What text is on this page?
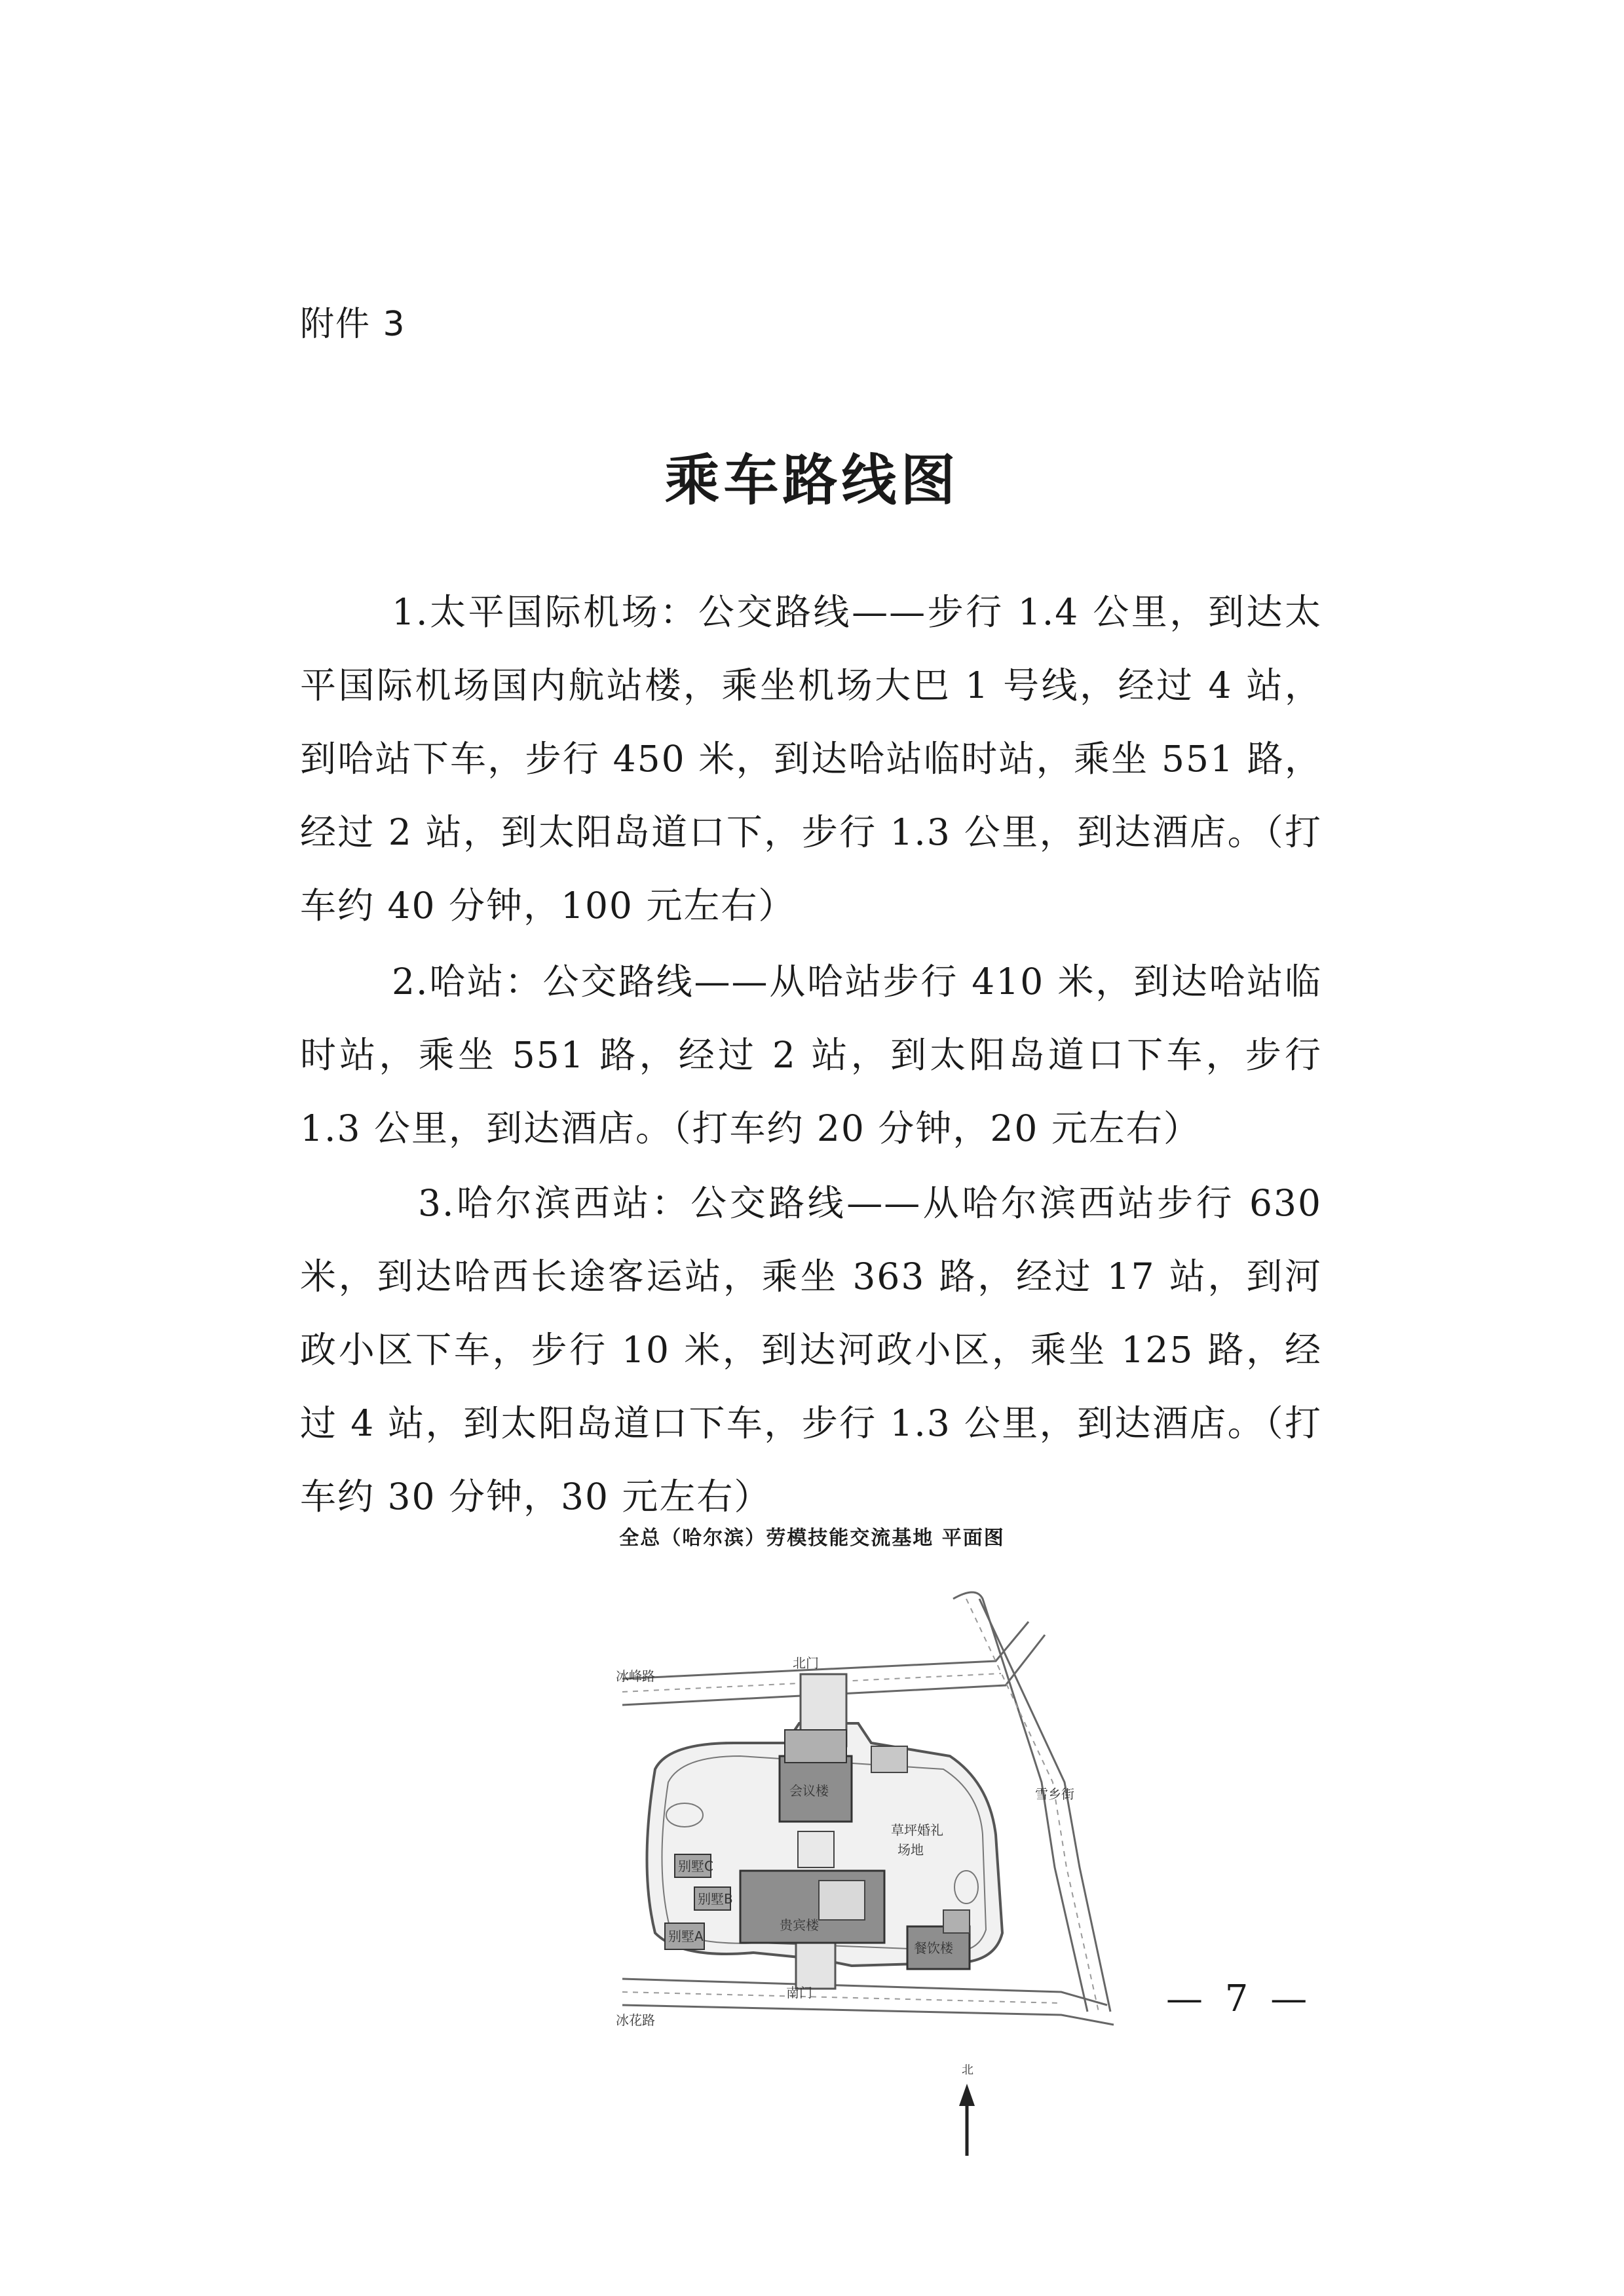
附件 3
乘车路线图

1.太平国际机场：公交路线——步行 1.4 公里，到达太平国际机场国内航站楼，乘坐机场大巴 1 号线，经过 4 站，到哈站下车，步行 450 米，到达哈站临时站，乘坐 551 路，经过 2 站，到太阳岛道口下，步行 1.3 公里，到达酒店。（打车约 40 分钟，100 元左右）

2.哈站：公交路线——从哈站步行 410 米，到达哈站临时站，乘坐 551 路，经过 2 站，到太阳岛道口下车，步行 1.3 公里，到达酒店。（打车约 20 分钟，20 元左右）

3.哈尔滨西站：公交路线——从哈尔滨西站步行 630 米，到达哈西长途客运站，乘坐 363 路，经过 17 站，到河政小区下车，步行 10 米，到达河政小区，乘坐 125 路，经过 4 站，到太阳岛道口下车，步行 1.3 公里，到达酒店。（打车约 30 分钟，30 元左右）

全总（哈尔滨）劳模技能交流基地 平面图
冰峰路
北门
雪乡街
会议楼
草坪婚礼
场地
别墅C
别墅B
别墅A
贵宾楼
餐饮楼
南门
冰花路
北
— 7 —
